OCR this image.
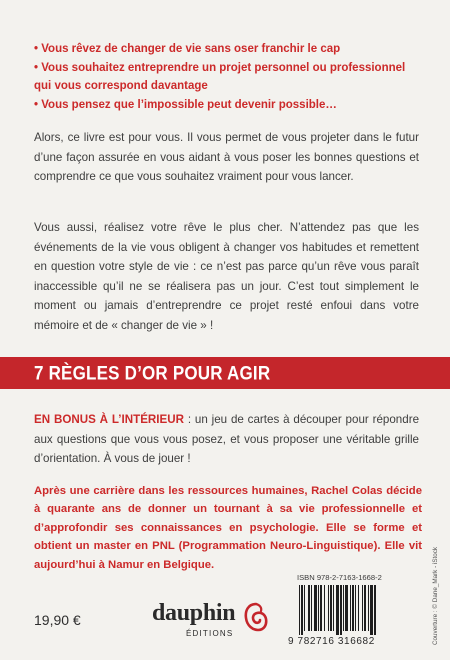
• Vous rêvez de changer de vie sans oser franchir le cap

• Vous souhaitez entreprendre un projet personnel ou professionnel qui vous correspond davantage

• Vous pensez que l’impossible peut devenir possible…

Alors, ce livre est pour vous. Il vous permet de vous projeter dans le futur d’une façon assurée en vous aidant à vous poser les bonnes questions et comprendre ce que vous souhaitez vraiment pour vous lancer.

Vous aussi, réalisez votre rêve le plus cher. N’attendez pas que les événements de la vie vous obligent à changer vos habitudes et remettent en question votre style de vie : ce n’est pas parce qu’un rêve vous paraît inaccessible qu’il ne se réalisera pas un jour. C’est tout simplement le moment ou jamais d’entreprendre ce projet resté enfoui dans votre mémoire et de « changer de vie » !

7 RÈGLES D’OR POUR AGIR

EN BONUS À L’INTÉRIEUR : un jeu de cartes à découper pour répondre aux questions que vous vous posez, et vous proposer une véritable grille d’orientation. À vous de jouer !

Après une carrière dans les ressources humaines, Rachel Colas décide à quarante ans de donner un tournant à sa vie professionnelle et d’approfondir ses connaissances en psychologie. Elle se forme et obtient un master en PNL (Programmation Neuro-Linguistique). Elle vit aujourd’hui à Namur en Belgique.

19,90 €	dauphin
ÉDITIONS
ISBN 978-2-7163-1668-2
9 782716 316682	Couverture : © Dane_Mark - iStock
